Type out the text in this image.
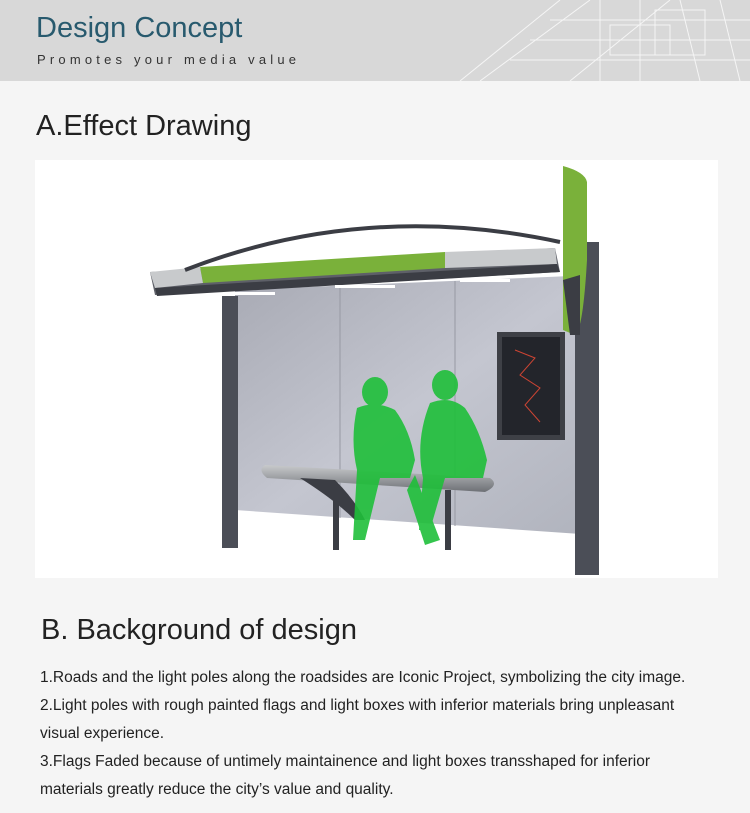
Design Concept
Promotes your media value
A.Effect Drawing
B. Background of design
1.Roads and the light poles along the roadsides are Iconic Project, symbolizing the city image.
2.Light poles with rough painted flags and light boxes with inferior materials bring unpleasant
visual experience.
3.Flags Faded because of untimely maintainence and light boxes transshaped for inferior
materials greatly reduce the city’s value and quality.
